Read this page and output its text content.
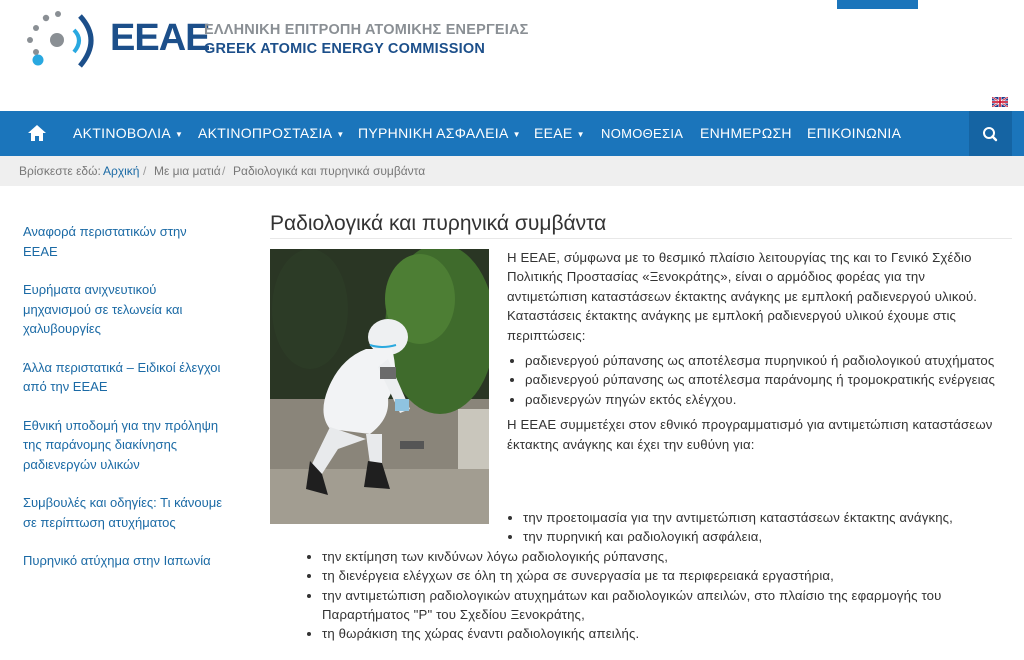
ΕΕΑΕ
ΕΛΛΗΝΙΚΗ ΕΠΙΤΡΟΠΗ ΑΤΟΜΙΚΗΣ ΕΝΕΡΓΕΙΑΣ
GREEK ATOMIC ENERGY COMMISSION
ΑΚΤΙΝΟΒΟΛΙΑ ▼ ΑΚΤΙΝΟΠΡΟΣΤΑΣΙΑ ▼ ΠΥΡΗΝΙΚΗ ΑΣΦΑΛΕΙΑ ▼ ΕΕΑΕ ▼ ΝΟΜΟΘΕΣΙΑ ΕΝΗΜΕΡΩΣΗ ΕΠΙΚΟΙΝΩΝΙΑ
Βρίσκεστε εδώ: Αρχική / Με μια ματιά / Ραδιολογικά και πυρηνικά συμβάντα
Αναφορά περιστατικών στην ΕΕΑΕ
Ευρήματα ανιχνευτικού μηχανισμού σε τελωνεία και χαλυβουργίες
Άλλα περιστατικά – Ειδικοί έλεγχοι από την ΕΕΑΕ
Εθνική υποδομή για την πρόληψη της παράνομης διακίνησης ραδιενεργών υλικών
Συμβουλές και οδηγίες: Τι κάνουμε σε περίπτωση ατυχήματος
Πυρηνικό ατύχημα στην Ιαπωνία
Ραδιολογικά και πυρηνικά συμβάντα

Η ΕΕΑΕ, σύμφωνα με το θεσμικό πλαίσιο λειτουργίας της και το Γενικό Σχέδιο Πολιτικής Προστασίας «Ξενοκράτης», είναι ο αρμόδιος φορέας για την αντιμετώπιση καταστάσεων έκτακτης ανάγκης με εμπλοκή ραδιενεργού υλικού. Καταστάσεις έκτακτης ανάγκης με εμπλοκή ραδιενεργού υλικού έχουμε στις περιπτώσεις:

• ραδιενεργού ρύπανσης ως αποτέλεσμα πυρηνικού ή ραδιολογικού ατυχήματος
• ραδιενεργού ρύπανσης ως αποτέλεσμα παράνομης ή τρομοκρατικής ενέργειας
• ραδιενεργών πηγών εκτός ελέγχου.

Η ΕΕΑΕ συμμετέχει στον εθνικό προγραμματισμό για αντιμετώπιση καταστάσεων έκτακτης ανάγκης και έχει την ευθύνη για:

• την προετοιμασία για την αντιμετώπιση καταστάσεων έκτακτης ανάγκης,
• την πυρηνική και ραδιολογική ασφάλεια,
• την εκτίμηση των κινδύνων λόγω ραδιολογικής ρύπανσης,
• τη διενέργεια ελέγχων σε όλη τη χώρα σε συνεργασία με τα περιφερειακά εργαστήρια,
• την αντιμετώπιση ραδιολογικών ατυχημάτων και ραδιολογικών απειλών, στο πλαίσιο της εφαρμογής του Παραρτήματος "Ρ" του Σχεδίου Ξενοκράτης,
• τη θωράκιση της χώρας έναντι ραδιολογικής απειλής.
